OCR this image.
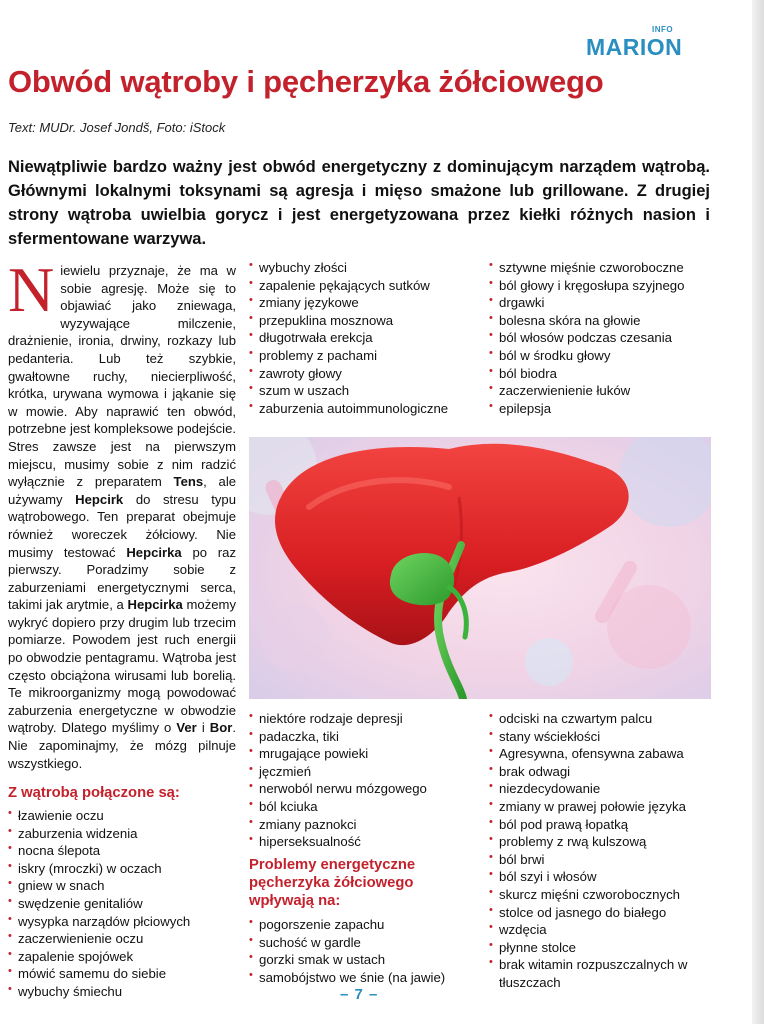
INFO
MARION
Obwód wątroby i pęcherzyka żółciowego
Text: MUDr. Josef Jondš, Foto: iStock

Niewątpliwie bardzo ważny jest obwód energetyczny z dominującym narządem wątrobą. Głównymi lokalnymi toksynami są agresja i mięso smażone lub grillowane. Z drugiej strony wątroba uwielbia gorycz i jest energetyzowana przez kiełki różnych nasion i sfermentowane warzywa.

Niewielu przyznaje, że ma w sobie agresję. Może się to objawiać jako zniewaga, wyzywające milczenie, drażnienie, ironia, drwiny, rozkazy lub pedanteria. Lub też szybkie, gwałtowne ruchy, niecierpliwość, krótka, urywana wymowa i jąkanie się w mowie. Aby naprawić ten obwód, potrzebne jest kompleksowe podejście. Stres zawsze jest na pierwszym miejscu, musimy sobie z nim radzić wyłącznie z preparatem Tens, ale używamy Hepcirk do stresu typu wątrobowego. Ten preparat obejmuje również woreczek żółciowy. Nie musimy testować Hepcirka po raz pierwszy. Poradzimy sobie z zaburzeniami energetycznymi serca, takimi jak arytmie, a Hepcirka możemy wykryć dopiero przy drugim lub trzecim pomiarze. Powodem jest ruch energii po obwodzie pentagramu. Wątroba jest często obciążona wirusami lub borelią. Te mikroorganizmy mogą powodować zaburzenia energetyczne w obwodzie wątroby. Dlatego myślimy o Ver i Bor. Nie zapominajmy, że mózg pilnuje wszystkiego.
Z wątrobą połączone są:
• łzawienie oczu
• zaburzenia widzenia
• nocna ślepota
• iskry (mroczki) w oczach
• gniew w snach
• swędzenie genitaliów
• wysypka narządów płciowych
• zaczerwienienie oczu
• zapalenie spojówek
• mówić samemu do siebie
• wybuchy śmiechu
• wybuchy złości
• zapalenie pękających sutków
• zmiany językowe
• przepuklina mosznowa
• długotrwała erekcja
• problemy z pachami
• zawroty głowy
• szum w uszach
• zaburzenia autoimmunologiczne
• sztywne mięśnie czworoboczne
• ból głowy i kręgosłupa szyjnego
• drgawki
• bolesna skóra na głowie
• ból włosów podczas czesania
• ból w środku głowy
• ból biodra
• zaczerwienienie łuków
• epilepsja
• niektóre rodzaje depresji
• padaczka, tiki
• mrugające powieki
• jęczmień
• nerwoból nerwu mózgowego
• ból kciuka
• zmiany paznokci
• hiperseksualność
Problemy energetyczne pęcherzyka żółciowego wpływają na:
• pogorszenie zapachu
• suchość w gardle
• gorzki smak w ustach
• samobójstwo we śnie (na jawie)
• odciski na czwartym palcu
• stany wściekłości
• Agresywna, ofensywna zabawa
• brak odwagi
• niezdecydowanie
• zmiany w prawej połowie języka
• ból pod prawą łopatką
• problemy z rwą kulszową
• ból brwi
• ból szyi i włosów
• skurcz mięśni czworobocznych
• stolce od jasnego do białego
• wzdęcia
• płynne stolce
• brak witamin rozpuszczalnych w tłuszczach
– 7 –
